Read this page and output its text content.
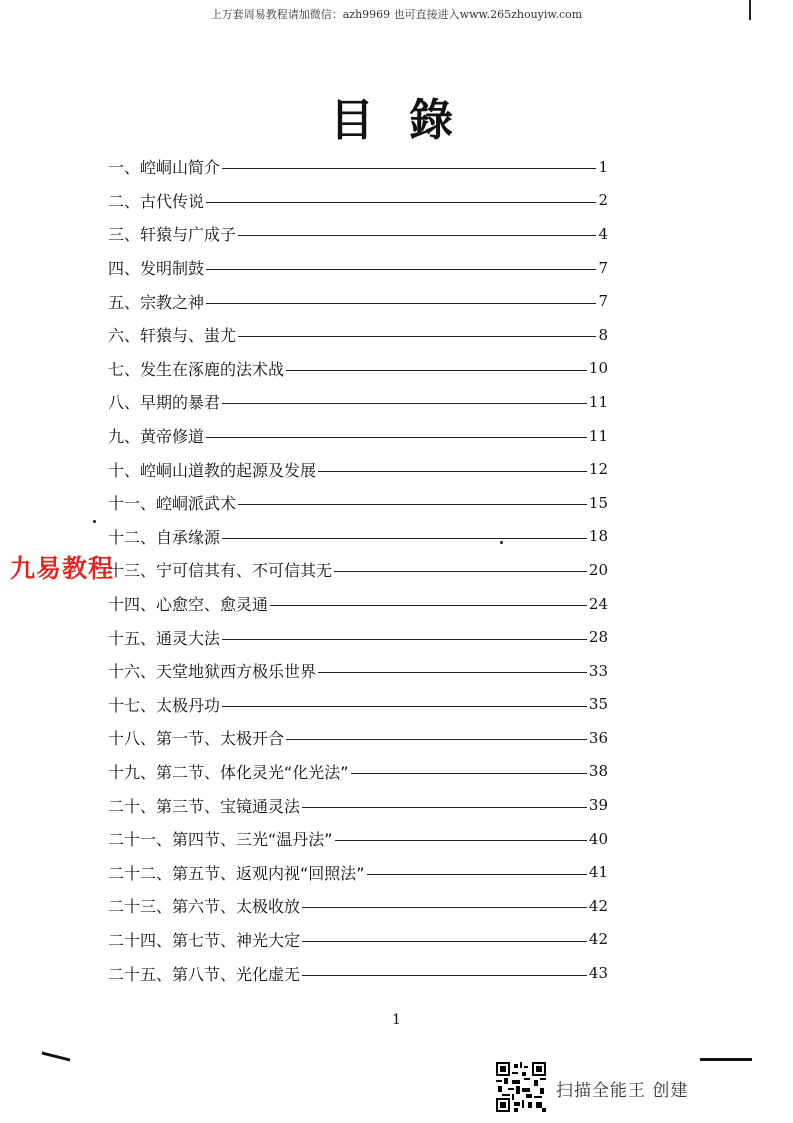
上万套周易教程请加微信：azh9969 也可直接进入www.265zhouyiw.com
目 錄
一、崆峒山简介	1
二、古代传说	2
三、轩猿与广成子	4
四、发明制鼓	7
五、宗教之神	7
六、轩猿与、蚩尤	8
七、发生在涿鹿的法术战	10
八、早期的暴君	11
九、黄帝修道	11
十、崆峒山道教的起源及发展	12
十一、崆峒派武术	15
十二、自承缘源	18
十三、宁可信其有、不可信其无	20
十四、心愈空、愈灵通	24
十五、通灵大法	28
十六、天堂地狱西方极乐世界	33
十七、太极丹功	35
十八、第一节、太极开合	36
十九、第二节、体化灵光“化光法”	38
二十、第三节、宝镜通灵法	39
二十一、第四节、三光“温丹法”	40
二十二、第五节、返观内视“回照法”	41
二十三、第六节、太极收放	42
二十四、第七节、神光大定	42
二十五、第八节、光化虚无	43
九易教程
1
扫描全能王 创建
